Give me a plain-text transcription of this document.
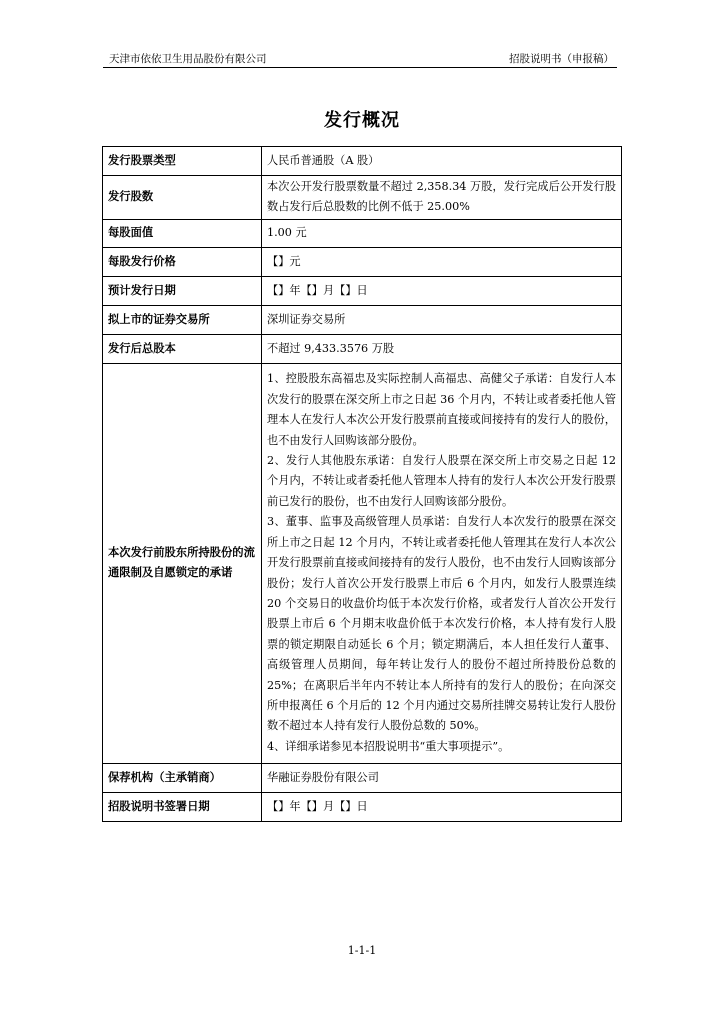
天津市依依卫生用品股份有限公司	招股说明书（申报稿）
发行概况
发行股票类型	人民币普通股（A 股）
发行股数	本次公开发行股票数量不超过 2,358.34 万股，发行完成后公开发行股数占发行后总股数的比例不低于 25.00%
每股面值	1.00 元
每股发行价格	【】元
预计发行日期	【】年【】月【】日
拟上市的证券交易所	深圳证券交易所
发行后总股本	不超过 9,433.3576 万股
本次发行前股东所持股份的流通限制及自愿锁定的承诺	1、控股股东高福忠及实际控制人高福忠、高健父子承诺：自发行人本次发行的股票在深交所上市之日起 36 个月内，不转让或者委托他人管理本人在发行人本次公开发行股票前直接或间接持有的发行人的股份，也不由发行人回购该部分股份。
2、发行人其他股东承诺：自发行人股票在深交所上市交易之日起 12 个月内，不转让或者委托他人管理本人持有的发行人本次公开发行股票前已发行的股份，也不由发行人回购该部分股份。
3、董事、监事及高级管理人员承诺：自发行人本次发行的股票在深交所上市之日起 12 个月内，不转让或者委托他人管理其在发行人本次公开发行股票前直接或间接持有的发行人股份，也不由发行人回购该部分股份；发行人首次公开发行股票上市后 6 个月内，如发行人股票连续 20 个交易日的收盘价均低于本次发行价格，或者发行人首次公开发行股票上市后 6 个月期末收盘价低于本次发行价格，本人持有发行人股票的锁定期限自动延长 6 个月；锁定期满后，本人担任发行人董事、高级管理人员期间，每年转让发行人的股份不超过所持股份总数的 25%；在离职后半年内不转让本人所持有的发行人的股份；在向深交所申报离任 6 个月后的 12 个月内通过交易所挂牌交易转让发行人股份数不超过本人持有发行人股份总数的 50%。
4、详细承诺参见本招股说明书“重大事项提示”。

保荐机构（主承销商）	华融证券股份有限公司
招股说明书签署日期	【】年【】月【】日
1-1-1
